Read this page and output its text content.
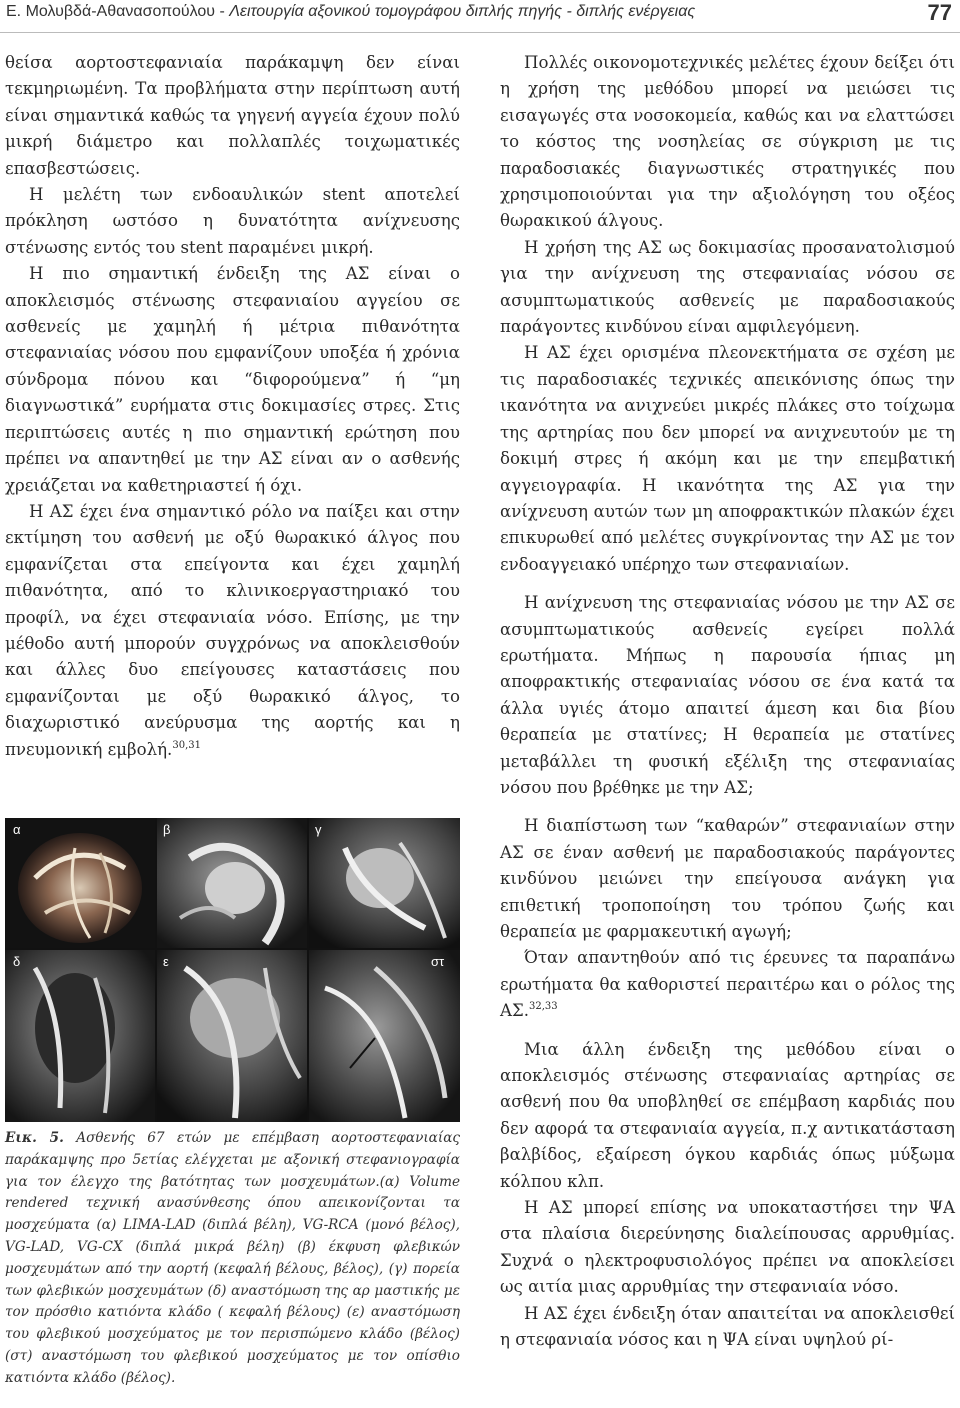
Ε. Μολυβδά-Αθανασοπούλου - Λειτουργία αξονικού τομογράφου διπλής πηγής - διπλής ενέργειας	77

θείσα αορτοστεφανιαία παράκαμψη δεν είναι τεκμηριωμένη. Τα προβλήματα στην περίπτωση αυτή είναι σημαντικά καθώς τα γηγενή αγγεία έχουν πολύ μικρή διάμετρο και πολλαπλές τοιχωματικές επασβεστώσεις.

Η μελέτη των ενδοαυλικών stent αποτελεί πρόκληση ωστόσο η δυνατότητα ανίχνευσης στένωσης εντός του stent παραμένει μικρή.

Η πιο σημαντική ένδειξη της ΑΣ είναι ο αποκλεισμός στένωσης στεφανιαίου αγγείου σε ασθενείς με χαμηλή ή μέτρια πιθανότητα στεφανιαίας νόσου που εμφανίζουν υποξέα ή χρόνια σύνδρομα πόνου και “διφορούμενα” ή “μη διαγνωστικά” ευρήματα στις δοκιμασίες στρες. Στις περιπτώσεις αυτές η πιο σημαντική ερώτηση που πρέπει να απαντηθεί με την ΑΣ είναι αν ο ασθενής χρειάζεται να καθετηριαστεί ή όχι.

Η ΑΣ έχει ένα σημαντικό ρόλο να παίξει και στην εκτίμηση του ασθενή με οξύ θωρακικό άλγος που εμφανίζεται στα επείγοντα και έχει χαμηλή πιθανότητα, από το κλινικοεργαστηριακό του προφίλ, να έχει στεφανιαία νόσο. Επίσης, με την μέθοδο αυτή μπορούν συγχρόνως να αποκλεισθούν και άλλες δυο επείγουσες καταστάσεις που εμφανίζονται με οξύ θωρακικό άλγος, το διαχωριστικό ανεύρυσμα της αορτής και η πνευμονική εμβολή.$^{30,31}$

α	β	γ
δ	ε	στ
Εικ. 5. Ασθενής 67 ετών με επέμβαση αορτοστεφανιαίας παράκαμψης προ 5ετίας ελέγχεται με αξονική στεφανιογραφία για τον έλεγχο της βατότητας των μοσχευμάτων.(α) Volume rendered τεχνική ανασύνθεσης όπου απεικονίζονται τα μοσχεύματα (α) LIMA-LAD (διπλά βέλη), VG-RCA (μονό βέλος), VG-LAD, VG-CX (διπλά μικρά βέλη) (β) έκφυση φλεβικών μοσχευμάτων από την αορτή (κεφαλή βέλους, βέλος), (γ) πορεία των φλεβικών μοσχευμάτων (δ) αναστόμωση της αρ μαστικής με τον πρόσθιο κατιόντα κλάδο ( κεφαλή βέλους) (ε) αναστόμωση του φλεβικού μοσχεύματος με τον περισπώμενο κλάδο (βέλος) (στ) αναστόμωση του φλεβικού μοσχεύματος με τον οπίσθιο κατιόντα κλάδο (βέλος).

Πολλές οικονομοτεχνικές μελέτες έχουν δείξει ότι η χρήση της μεθόδου μπορεί να μειώσει τις εισαγωγές στα νοσοκομεία, καθώς και να ελαττώσει το κόστος της νοσηλείας σε σύγκριση με τις παραδοσιακές διαγνωστικές στρατηγικές που χρησιμοποιούνται για την αξιολόγηση του οξέος θωρακικού άλγους.

Η χρήση της ΑΣ ως δοκιμασίας προσανατολισμού για την ανίχνευση της στεφανιαίας νόσου σε ασυμπτωματικούς ασθενείς με παραδοσιακούς παράγοντες κινδύνου είναι αμφιλεγόμενη.

Η ΑΣ έχει ορισμένα πλεονεκτήματα σε σχέση με τις παραδοσιακές τεχνικές απεικόνισης όπως την ικανότητα να ανιχνεύει μικρές πλάκες στο τοίχωμα της αρτηρίας που δεν μπορεί να ανιχνευτούν με τη δοκιμή στρες ή ακόμη και με την επεμβατική αγγειογραφία. Η ικανότητα της ΑΣ για την ανίχνευση αυτών των μη αποφρακτικών πλακών έχει επικυρωθεί από μελέτες συγκρίνοντας την ΑΣ με τον ενδοαγγειακό υπέρηχο των στεφανιαίων.

Η ανίχνευση της στεφανιαίας νόσου με την ΑΣ σε ασυμπτωματικούς ασθενείς εγείρει πολλά ερωτήματα. Μήπως η παρουσία ήπιας μη αποφρακτικής στεφανιαίας νόσου σε ένα κατά τα άλλα υγιές άτομο απαιτεί άμεση και δια βίου θεραπεία με στατίνες; Η θεραπεία με στατίνες μεταβάλλει τη φυσική εξέλιξη της στεφανιαίας νόσου που βρέθηκε με την ΑΣ;

Η διαπίστωση των “καθαρών” στεφανιαίων στην ΑΣ σε έναν ασθενή με παραδοσιακούς παράγοντες κινδύνου μειώνει την επείγουσα ανάγκη για επιθετική τροποποίηση του τρόπου ζωής και θεραπεία με φαρμακευτική αγωγή;

Όταν απαντηθούν από τις έρευνες τα παραπάνω ερωτήματα θα καθοριστεί περαιτέρω και ο ρόλος της ΑΣ.$^{32,33}$

Μια άλλη ένδειξη της μεθόδου είναι ο αποκλεισμός στένωσης στεφανιαίας αρτηρίας σε ασθενή που θα υποβληθεί σε επέμβαση καρδιάς που δεν αφορά τα στεφανιαία αγγεία, π.χ αντικατάσταση βαλβίδος, εξαίρεση όγκου καρδιάς όπως μύξωμα κόλπου κλπ.

Η ΑΣ μπορεί επίσης να υποκαταστήσει την ΨΑ στα πλαίσια διερεύνησης διαλείπουσας αρρυθμίας. Συχνά ο ηλεκτροφυσιολόγος πρέπει να αποκλείσει ως αιτία μιας αρρυθμίας την στεφανιαία νόσο.

Η ΑΣ έχει ένδειξη όταν απαιτείται να αποκλεισθεί η στεφανιαία νόσος και η ΨΑ είναι υψηλού ρί-
